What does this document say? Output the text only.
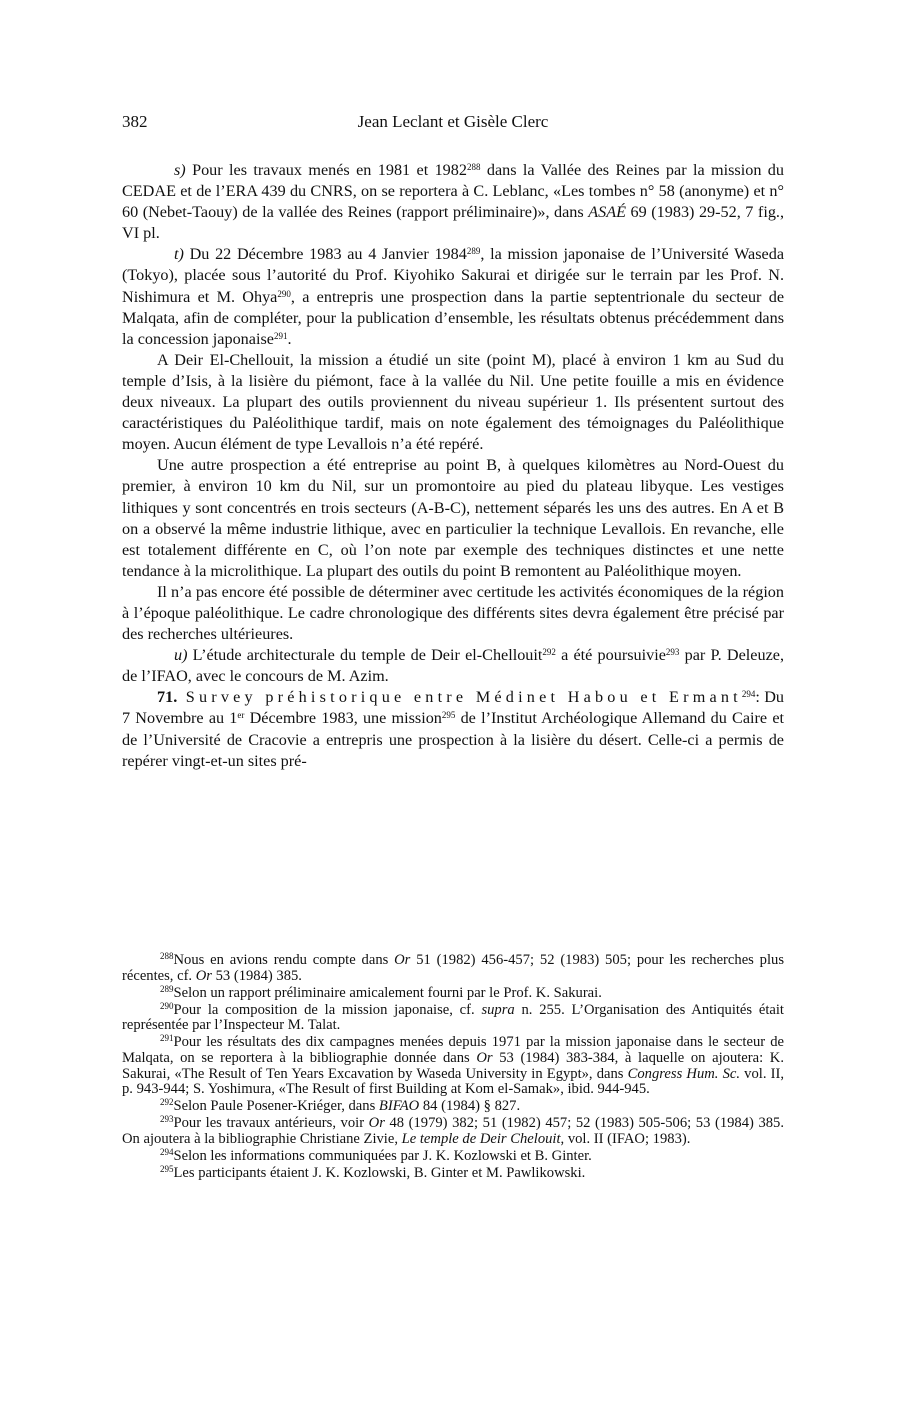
382	Jean Leclant et Gisèle Clerc

s) Pour les travaux menés en 1981 et 1982$^{288}$ dans la Vallée des Reines par la mission du CEDAE et de l’ERA 439 du CNRS, on se reportera à C. Leblanc, «Les tombes n° 58 (anonyme) et n° 60 (Nebet-Taouy) de la vallée des Reines (rapport préliminaire)», dans ASAÉ 69 (1983) 29-52, 7 fig., VI pl.

t) Du 22 Décembre 1983 au 4 Janvier 1984$^{289}$, la mission japonaise de l’Université Waseda (Tokyo), placée sous l’autorité du Prof. Kiyohiko Sakurai et dirigée sur le terrain par les Prof. N. Nishimura et M. Ohya$^{290}$, a entrepris une prospection dans la partie septentrionale du secteur de Malqata, afin de compléter, pour la publication d’ensemble, les résultats obtenus précédemment dans la concession japonaise$^{291}$.

A Deir El-Chellouit, la mission a étudié un site (point M), placé à environ 1 km au Sud du temple d’Isis, à la lisière du piémont, face à la vallée du Nil. Une petite fouille a mis en évidence deux niveaux. La plupart des outils proviennent du niveau supérieur 1. Ils présentent surtout des caractéristiques du Paléolithique tardif, mais on note également des témoignages du Paléolithique moyen. Aucun élément de type Levallois n’a été repéré.

Une autre prospection a été entreprise au point B, à quelques kilomètres au Nord-Ouest du premier, à environ 10 km du Nil, sur un promontoire au pied du plateau libyque. Les vestiges lithiques y sont concentrés en trois secteurs (A-B-C), nettement séparés les uns des autres. En A et B on a observé la même industrie lithique, avec en particulier la technique Levallois. En revanche, elle est totalement différente en C, où l’on note par exemple des techniques distinctes et une nette tendance à la microlithique. La plupart des outils du point B remontent au Paléolithique moyen.

Il n’a pas encore été possible de déterminer avec certitude les activités économiques de la région à l’époque paléolithique. Le cadre chronologique des différents sites devra également être précisé par des recherches ultérieures.

u) L’étude architecturale du temple de Deir el-Chellouit$^{292}$ a été poursuivie$^{293}$ par P. Deleuze, de l’IFAO, avec le concours de M. Azim.

71. Survey préhistorique entre Médinet Habou et Ermant$^{294}$: Du 7 Novembre au 1er Décembre 1983, une mission$^{295}$ de l’Institut Archéologique Allemand du Caire et de l’Université de Cracovie a entrepris une prospection à la lisière du désert. Celle-ci a permis de repérer vingt-et-un sites pré-

$^{288}$Nous en avions rendu compte dans Or 51 (1982) 456-457; 52 (1983) 505; pour les recherches plus récentes, cf. Or 53 (1984) 385.

$^{289}$Selon un rapport préliminaire amicalement fourni par le Prof. K. Sakurai.

$^{290}$Pour la composition de la mission japonaise, cf. supra n. 255. L’Organisation des Antiquités était représentée par l’Inspecteur M. Talat.

$^{291}$Pour les résultats des dix campagnes menées depuis 1971 par la mission japonaise dans le secteur de Malqata, on se reportera à la bibliographie donnée dans Or 53 (1984) 383-384, à laquelle on ajoutera: K. Sakurai, «The Result of Ten Years Excavation by Waseda University in Egypt», dans Congress Hum. Sc. vol. II, p. 943-944; S. Yoshimura, «The Result of first Building at Kom el-Samak», ibid. 944-945.

$^{292}$Selon Paule Posener-Kriéger, dans BIFAO 84 (1984) § 827.

$^{293}$Pour les travaux antérieurs, voir Or 48 (1979) 382; 51 (1982) 457; 52 (1983) 505-506; 53 (1984) 385. On ajoutera à la bibliographie Christiane Zivie, Le temple de Deir Chelouit, vol. II (IFAO; 1983).

$^{294}$Selon les informations communiquées par J. K. Kozlowski et B. Ginter.

$^{295}$Les participants étaient J. K. Kozlowski, B. Ginter et M. Pawlikowski.
